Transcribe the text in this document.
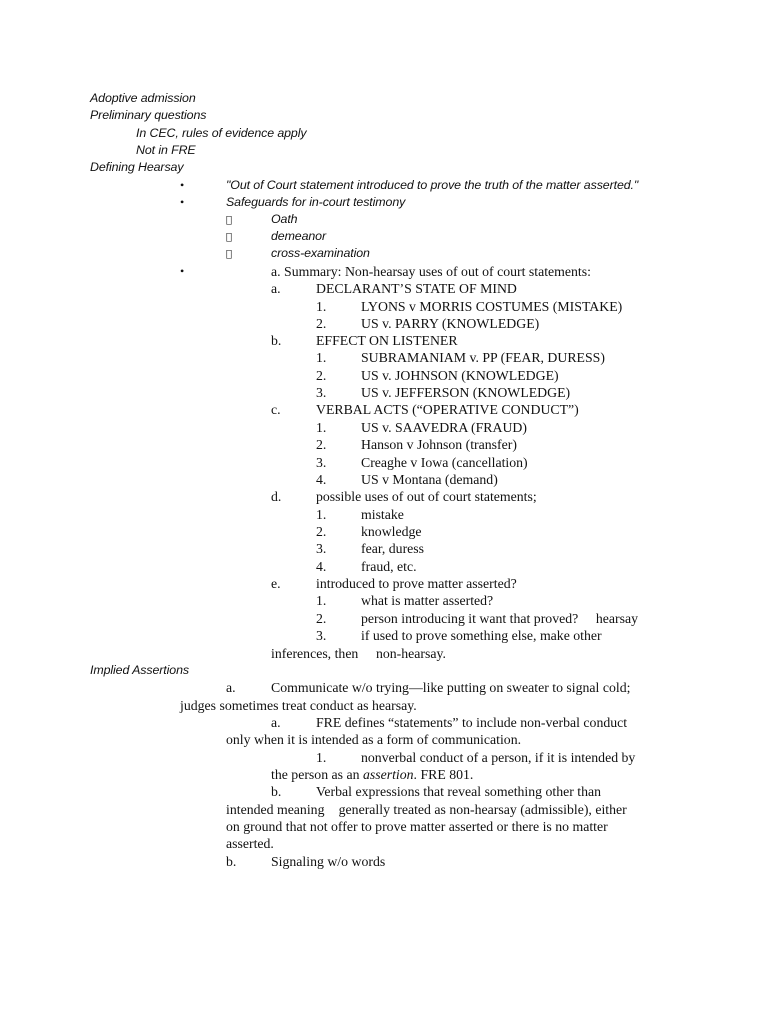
Adoptive admission
Preliminary questions
In CEC, rules of evidence apply
Not in FRE
Defining Hearsay
•	"Out of Court statement introduced to prove the truth of the matter asserted."
•	Safeguards for in-court testimony
Oath
demeanor
cross-examination
•	a. Summary: Non-hearsay uses of out of court statements:
a.	DECLARANT’S STATE OF MIND
1.	LYONS v MORRIS COSTUMES (MISTAKE)
2.	US v. PARRY (KNOWLEDGE)
b.	EFFECT ON LISTENER
1.	SUBRAMANIAM v. PP (FEAR, DURESS)
2.	US v. JOHNSON (KNOWLEDGE)
3.	US v. JEFFERSON (KNOWLEDGE)
c.	VERBAL ACTS (“OPERATIVE CONDUCT”)
1.	US v. SAAVEDRA (FRAUD)
2.	Hanson v Johnson (transfer)
3.	Creaghe v Iowa (cancellation)
4.	US v Montana (demand)
d.	possible uses of out of court statements;
1.	mistake
2.	knowledge
3.	fear, duress
4.	fraud, etc.
e.	introduced to prove matter asserted?
1.	what is matter asserted?
2.	person introducing it want that proved? hearsay
3.	if used to prove something else, make other
inferences, then non-hearsay.
Implied Assertions
a.	Communicate w/o trying—like putting on sweater to signal cold;
judges sometimes treat conduct as hearsay.
a.	FRE defines “statements” to include non-verbal conduct
only when it is intended as a form of communication.
1.	nonverbal conduct of a person, if it is intended by
the person as an assertion. FRE 801.
b.	Verbal expressions that reveal something other than
intended meaning generally treated as non-hearsay (admissible), either
on ground that not offer to prove matter asserted or there is no matter
asserted.
b.	Signaling w/o words
